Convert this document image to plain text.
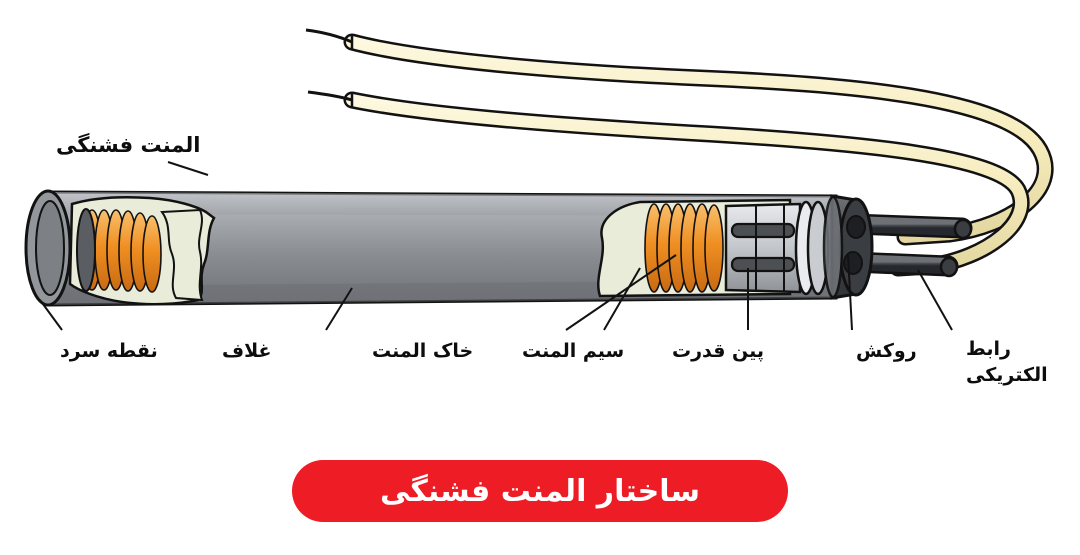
المنت فشنگی
نقطه سرد	غلاف	خاک المنت	سیم المنت	پین قدرت	روکش	رابط
الکتریکی
ساختار المنت فشنگی
